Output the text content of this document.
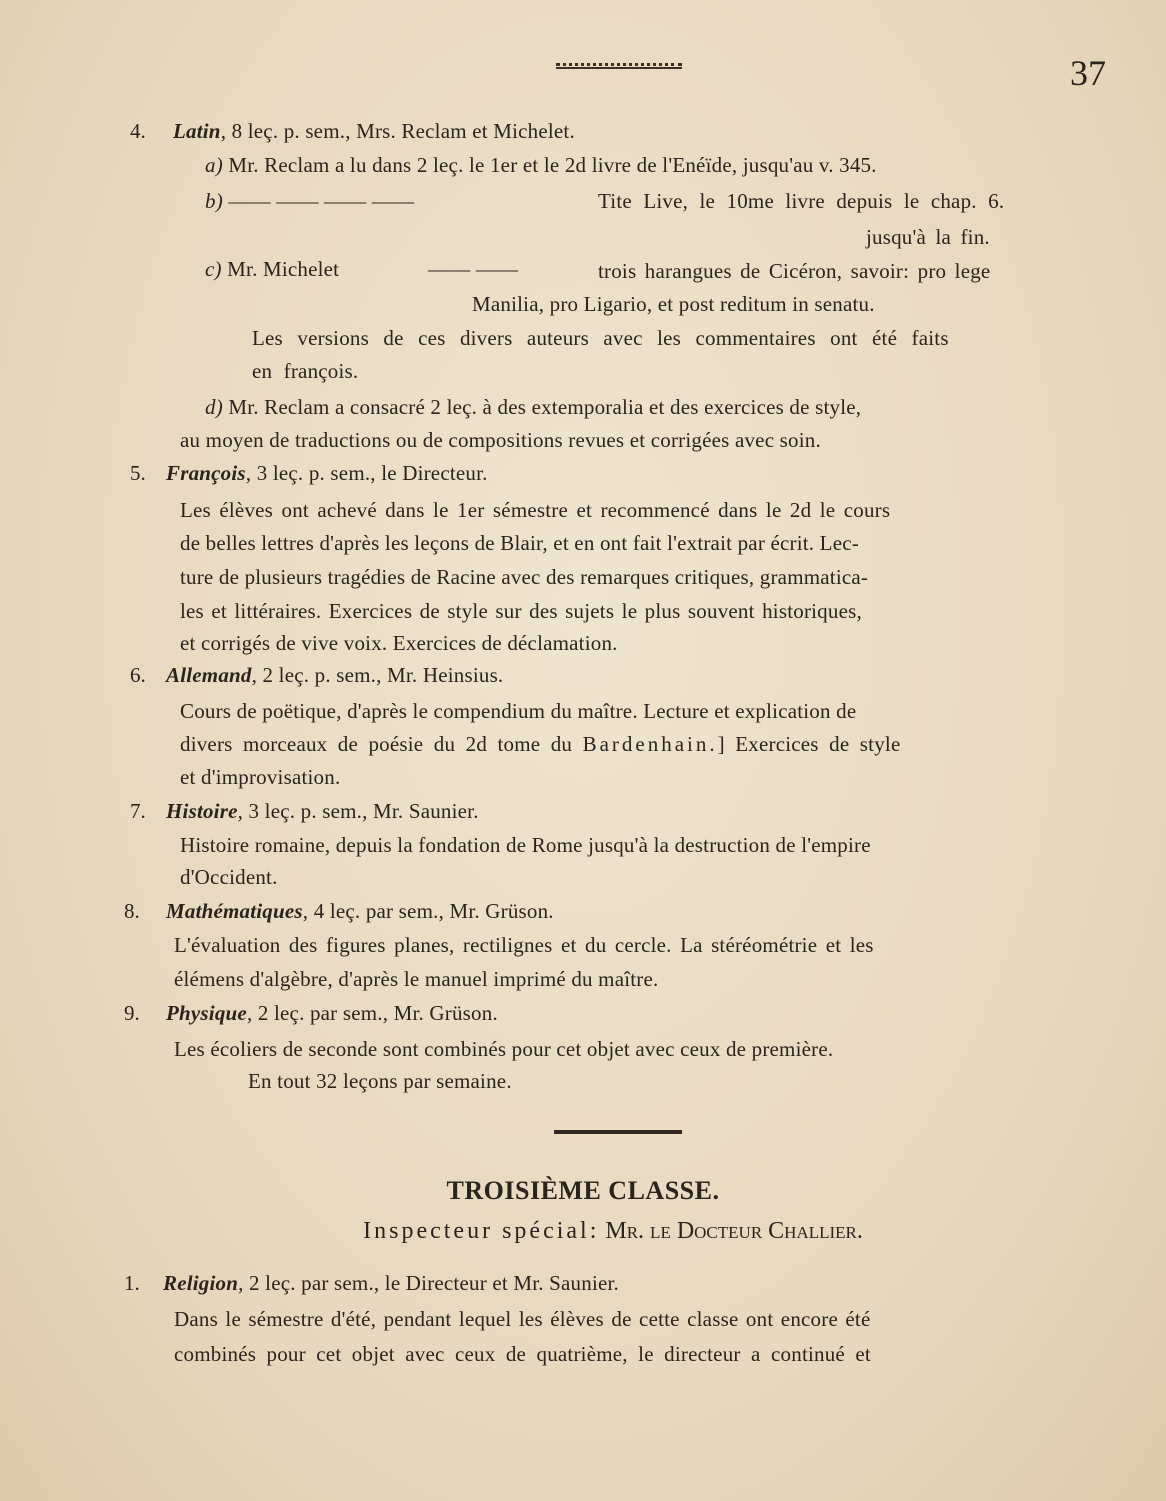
37
4. Latin, 8 leç. p. sem., Mrs. Reclam et Michelet.
a) Mr. Reclam a lu dans 2 leç. le 1er et le 2d livre de l'Enéïde, jusqu'au v. 345.
b) —— —— —— ——	Tite Live, le 10me livre depuis le chap. 6.
jusqu'à la fin.
c) Mr. Michelet	—— ——	trois harangues de Cicéron, savoir: pro lege
Manilia, pro Ligario, et post reditum in senatu.
Les versions de ces divers auteurs avec les commentaires ont été faits
en françois.
d) Mr. Reclam a consacré 2 leç. à des extemporalia et des exercices de style,
au moyen de traductions ou de compositions revues et corrigées avec soin.
5. François, 3 leç. p. sem., le Directeur.
Les élèves ont achevé dans le 1er sémestre et recommencé dans le 2d le cours
de belles lettres d'après les leçons de Blair, et en ont fait l'extrait par écrit. Lec-
ture de plusieurs tragédies de Racine avec des remarques critiques, grammatica-
les et littéraires. Exercices de style sur des sujets le plus souvent historiques,
et corrigés de vive voix. Exercices de déclamation.
6. Allemand, 2 leç. p. sem., Mr. Heinsius.
Cours de poëtique, d'après le compendium du maître. Lecture et explication de
divers morceaux de poésie du 2d tome du Bardenhain.] Exercices de style
et d'improvisation.
7. Histoire, 3 leç. p. sem., Mr. Saunier.
Histoire romaine, depuis la fondation de Rome jusqu'à la destruction de l'empire
d'Occident.
8. Mathématiques, 4 leç. par sem., Mr. Grüson.
L'évaluation des figures planes, rectilignes et du cercle. La stéréométrie et les
élémens d'algèbre, d'après le manuel imprimé du maître.
9. Physique, 2 leç. par sem., Mr. Grüson.
Les écoliers de seconde sont combinés pour cet objet avec ceux de première.
En tout 32 leçons par semaine.
TROISIÈME CLASSE.
Inspecteur spécial: Mr. le Docteur Challier.
1. Religion, 2 leç. par sem., le Directeur et Mr. Saunier.
Dans le sémestre d'été, pendant lequel les élèves de cette classe ont encore été
combinés pour cet objet avec ceux de quatrième, le directeur a continué et
